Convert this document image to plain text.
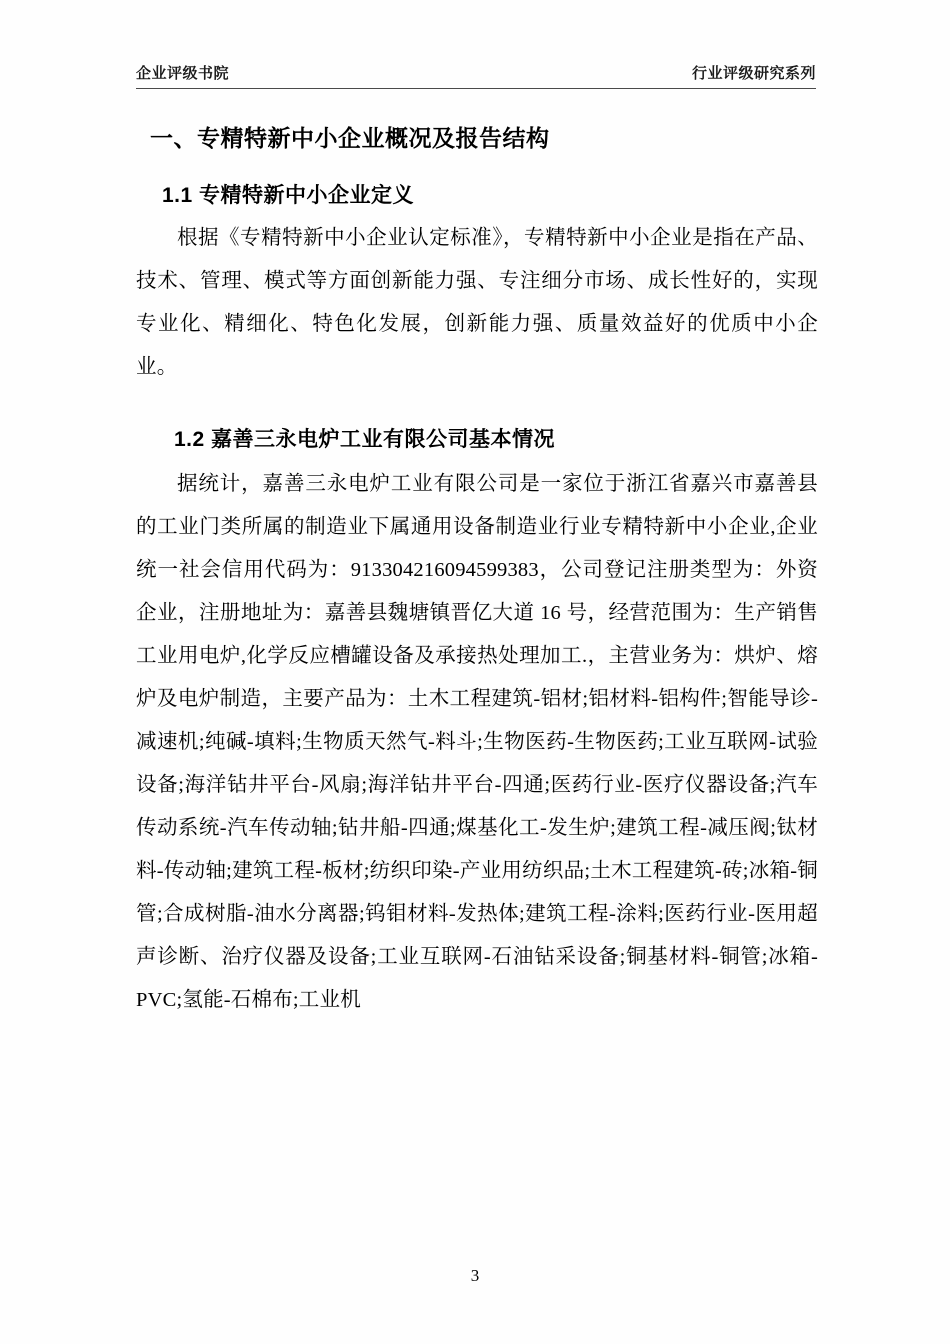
企业评级书院	行业评级研究系列
一、专精特新中小企业概况及报告结构
1.1 专精特新中小企业定义

根据《专精特新中小企业认定标准》，专精特新中小企业是指在产品、技术、管理、模式等方面创新能力强、专注细分市场、成长性好的，实现专业化、精细化、特色化发展，创新能力强、质量效益好的优质中小企业。

1.2 嘉善三永电炉工业有限公司基本情况

据统计，嘉善三永电炉工业有限公司是一家位于浙江省嘉兴市嘉善县的工业门类所属的制造业下属通用设备制造业行业专精特新中小企业,企业统一社会信用代码为：913304216094599383，公司登记注册类型为：外资企业，注册地址为：嘉善县魏塘镇晋亿大道 16 号，经营范围为：生产销售工业用电炉,化学反应槽罐设备及承接热处理加工.，主营业务为：烘炉、熔炉及电炉制造，主要产品为：土木工程建筑-铝材;铝材料-铝构件;智能导诊-减速机;纯碱-填料;生物质天然气-料斗;生物医药-生物医药;工业互联网-试验设备;海洋钻井平台-风扇;海洋钻井平台-四通;医药行业-医疗仪器设备;汽车传动系统-汽车传动轴;钻井船-四通;煤基化工-发生炉;建筑工程-减压阀;钛材料-传动轴;建筑工程-板材;纺织印染-产业用纺织品;土木工程建筑-砖;冰箱-铜管;合成树脂-油水分离器;钨钼材料-发热体;建筑工程-涂料;医药行业-医用超声诊断、治疗仪器及设备;工业互联网-石油钻采设备;铜基材料-铜管;冰箱-PVC;氢能-石棉布;工业机

3
